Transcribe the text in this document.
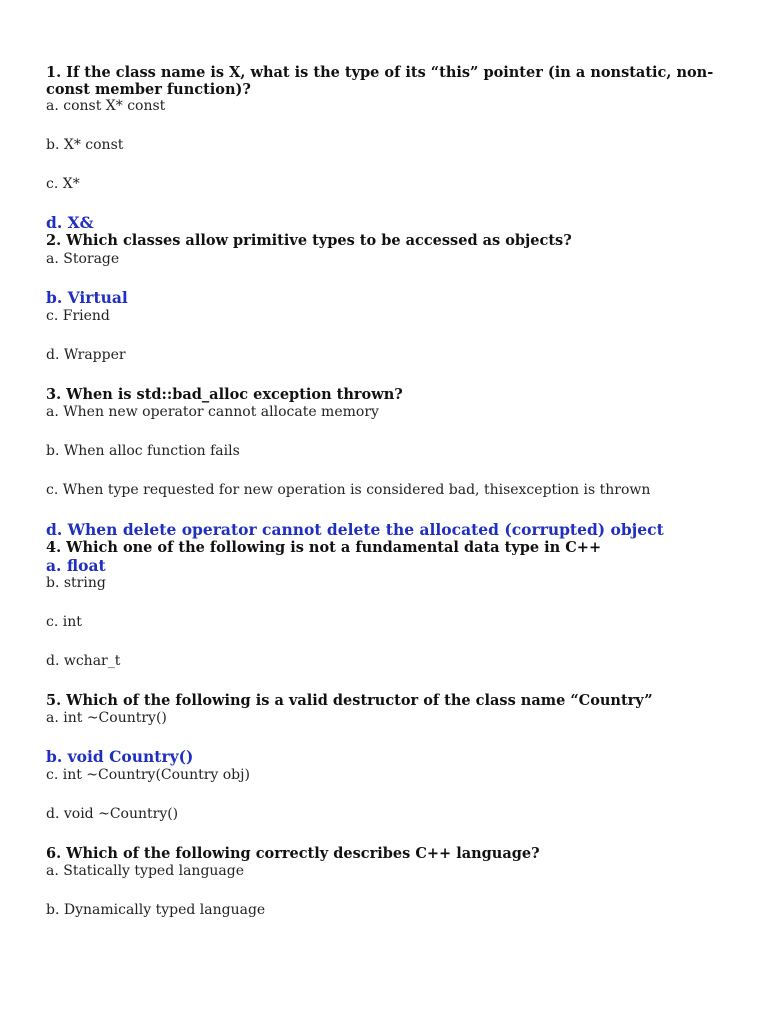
1. If the class name is X, what is the type of its “this” pointer (in a nonstatic, non-const member function)?
a. const X* const
b. X* const
c. X*
d. X&
2. Which classes allow primitive types to be accessed as objects?
a. Storage
b. Virtual
c. Friend
d. Wrapper
3. When is std::bad_alloc exception thrown?
a. When new operator cannot allocate memory
b. When alloc function fails
c. When type requested for new operation is considered bad, thisexception is thrown
d. When delete operator cannot delete the allocated (corrupted) object
4. Which one of the following is not a fundamental data type in C++
a. float
b. string
c. int
d. wchar_t
5. Which of the following is a valid destructor of the class name “Country”
a. int ~Country()
b. void Country()
c. int ~Country(Country obj)
d. void ~Country()
6. Which of the following correctly describes C++ language?
a. Statically typed language
b. Dynamically typed language
